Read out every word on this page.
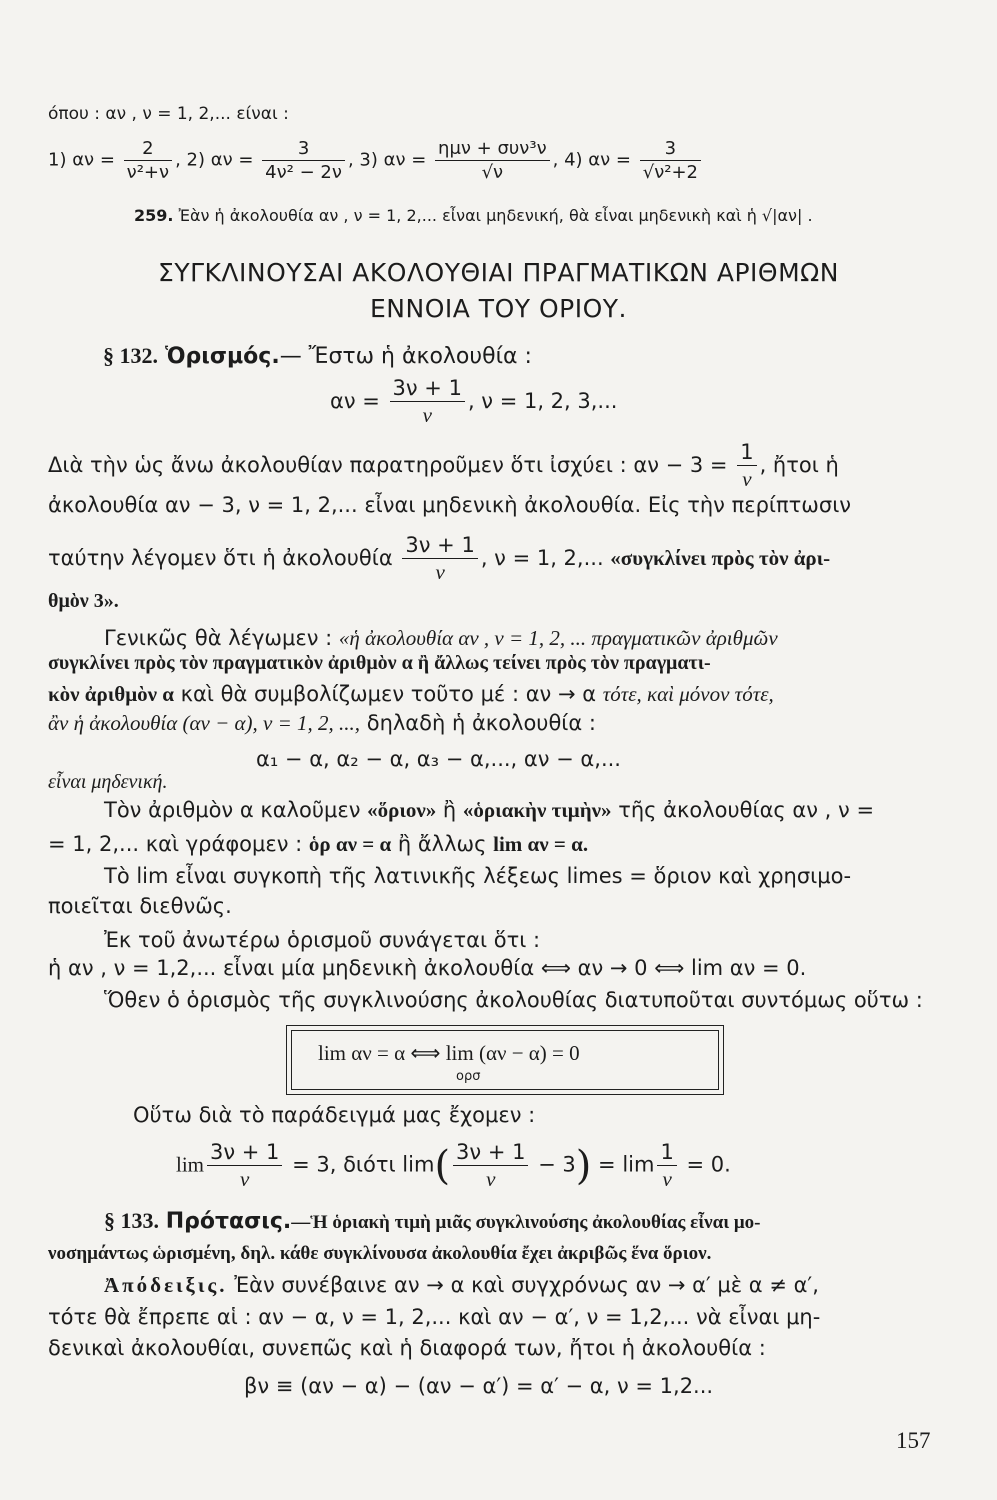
όπου : αν , ν = 1, 2,... είναι :
1) $\alpha\nu = \frac{2}{\text{ν²+ν}}$ , 2) $\alpha\nu = \frac{3}{\text{4ν² − 2ν}}$ , 3) $\alpha\nu = \frac{\text{ημν + συν³ν}}{√\nu}$ , 4) $\alpha\nu = \frac{3}{\text{√ν²+2}}$
259. Ἐὰν ἡ ἀκολουθία αν , ν = 1, 2,... εἶναι μηδενική, θὰ εἶναι μηδενικὴ καὶ ἡ √|αν| .
ΣΥΓΚΛΙΝΟΥΣΑΙ ΑΚΟΛΟΥΘΙΑΙ ΠΡΑΓΜΑΤΙΚΩΝ ΑΡΙΘΜΩΝ
ΕΝΝΟΙΑ ΤΟΥ ΟΡΙΟΥ.
§ 132. Ὁρισμός.— Ἔστω ἡ ἀκολουθία :
$\alpha\nu = \frac{3\nu + 1}{\nu}$ , ν = 1, 2, 3,...
Διὰ τὴν ὡς ἄνω ἀκολουθίαν παρατηροῦμεν ὅτι ἰσχύει : $\alpha\nu - 3 = \frac{1}{\nu}$ , ἤτοι ἡ
ἀκολουθία αν − 3, ν = 1, 2,... εἶναι μηδενικὴ ἀκολουθία. Εἰς τὴν περίπτωσιν
ταύτην λέγομεν ὅτι ἡ ἀκολουθία $\frac{3\nu + 1}{\nu}$ , ν = 1, 2,... «συγκλίνει πρὸς τὸν ἀρι-
θμὸν 3».
Γενικῶς θὰ λέγωμεν : «ἡ ἀκολουθία αν , ν = 1, 2, ... πραγματικῶν ἀριθμῶν
συγκλίνει πρὸς τὸν πραγματικὸν ἀριθμὸν α ἢ ἄλλως τείνει πρὸς τὸν πραγματι-
κὸν ἀριθμὸν α καὶ θὰ συμβολίζωμεν τοῦτο μέ : αν → α τότε, καὶ μόνον τότε,
ἂν ἡ ἀκολουθία (αν − α), ν = 1, 2, ..., δηλαδὴ ἡ ἀκολουθία :
α₁ − α, α₂ − α, α₃ − α,..., αν − α,...
εἶναι μηδενική.
Τὸν ἀριθμὸν α καλοῦμεν «ὅριον» ἢ «ὁριακὴν τιμὴν» τῆς ἀκολουθίας αν , ν =
= 1, 2,... καὶ γράφομεν : ὁρ αν = α ἢ ἄλλως lim αν = α.
Τὸ lim εἶναι συγκοπὴ τῆς λατινικῆς λέξεως limes = ὅριον καὶ χρησιμο-
ποιεῖται διεθνῶς.
Ἐκ τοῦ ἀνωτέρω ὁρισμοῦ συνάγεται ὅτι :
ἡ αν , ν = 1,2,... εἶναι μία μηδενικὴ ἀκολουθία ⟺ αν → 0 ⟺ lim αν = 0.
Ὅθεν ὁ ὁρισμὸς τῆς συγκλινούσης ἀκολουθίας διατυποῦται συντόμως οὕτω :
lim αν = α ⟺ lim (αν − α) = 0
ορσ
Οὕτω διὰ τὸ παράδειγμά μας ἔχομεν :
$\lim \frac{3\nu + 1}{\nu} = 3$, διότι $\lim( \frac{3\nu + 1}{\nu} - 3) = \lim \frac{1}{\nu} = 0$.
§ 133. Πρότασις.—Ἡ ὁριακὴ τιμὴ μιᾶς συγκλινούσης ἀκολουθίας εἶναι μο-
νοσημάντως ὡρισμένη, δηλ. κάθε συγκλίνουσα ἀκολουθία ἔχει ἀκριβῶς ἕνα ὅριον.
Ἀπόδειξις. Ἐὰν συνέβαινε αν → α καὶ συγχρόνως αν → α′ μὲ α ≠ α′,
τότε θὰ ἔπρεπε αἱ : αν − α, ν = 1, 2,... καὶ αν − α′, ν = 1,2,... νὰ εἶναι μη-
δενικαὶ ἀκολουθίαι, συνεπῶς καὶ ἡ διαφορά των, ἤτοι ἡ ἀκολουθία :
βν ≡ (αν − α) − (αν − α′) = α′ − α, ν = 1,2...
157
